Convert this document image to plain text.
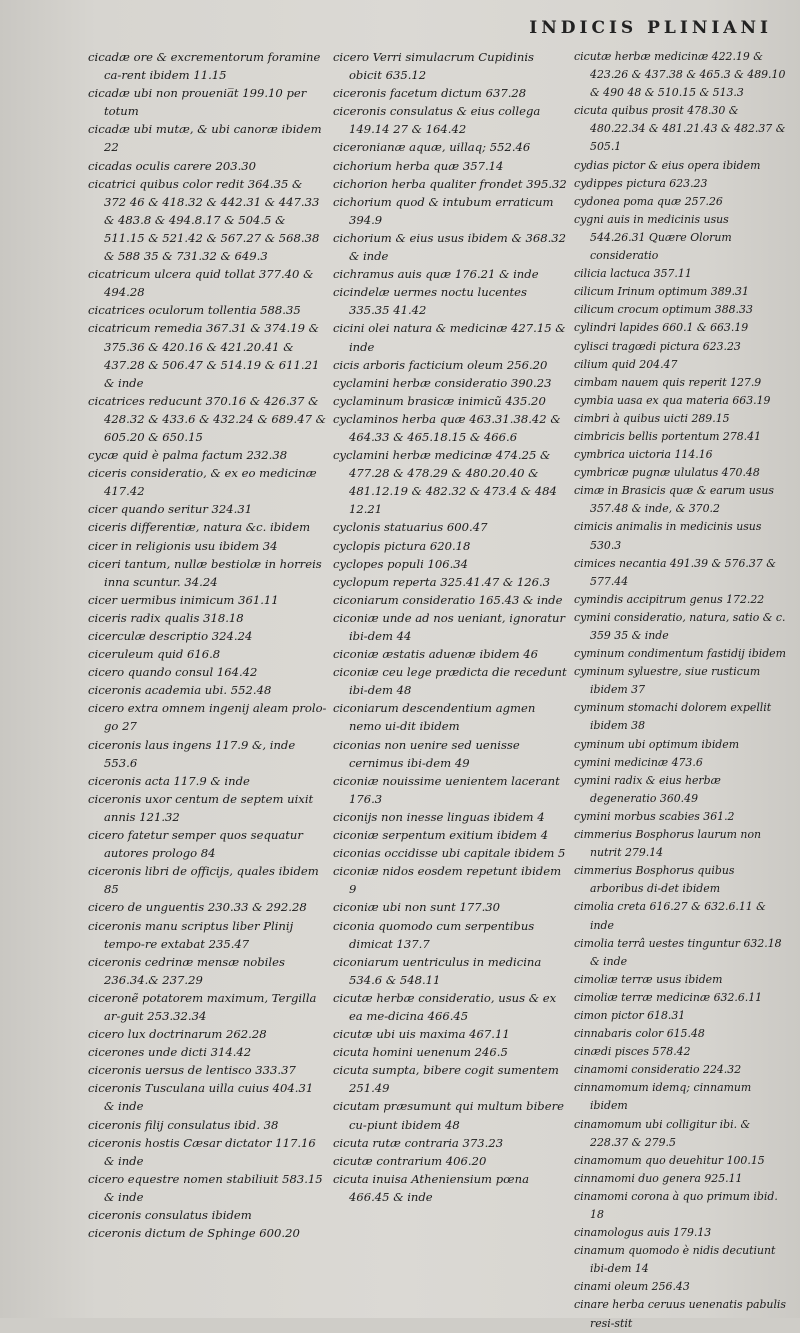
INDICIS PLINIANI

cicadæ ore & excrementorum foramine ca-rent ibidem 11.15

cicadæ ubi non prouenia̅t 199.10 per totum

cicadæ ubi mutæ, & ubi canoræ ibidem 22

cicadas oculis carere 203.30

cicatrici quibus color redit 364.35 & 372 46 & 418.32 & 442.31 & 447.33 & 483.8 & 494.8.17 & 504.5 & 511.15 & 521.42 & 567.27 & 568.38 & 588 35 & 731.32 & 649.3

cicatricum ulcera quid tollat 377.40 & 494.28

cicatrices oculorum tollentia 588.35

cicatricum remedia 367.31 & 374.19 & 375.36 & 420.16 & 421.20.41 & 437.28 & 506.47 & 514.19 & 611.21 & inde

cicatrices reducunt 370.16 & 426.37 & 428.32 & 433.6 & 432.24 & 689.47 & 605.20 & 650.15

cycæ quid è palma factum 232.38

ciceris consideratio, & ex eo medicinæ 417.42

cicer quando seritur 324.31

ciceris differentiæ, natura &c. ibidem

cicer in religionis usu ibidem 34

ciceri tantum, nullæ bestiolæ in horreis inna scuntur. 34.24

cicer uermibus inimicum 361.11

ciceris radix qualis 318.18

cicerculæ descriptio 324.24

ciceruleum quid 616.8

cicero quando consul 164.42

ciceronis academia ubi. 552.48

cicero extra omnem ingenij aleam prolo-go 27

ciceronis laus ingens 117.9 &, inde 553.6

ciceronis acta 117.9 & inde

ciceronis uxor centum de septem uixit annis 121.32

cicero fatetur semper quos sequatur autores prologo 84

ciceronis libri de officijs, quales ibidem 85

cicero de unguentis 230.33 & 292.28

ciceronis manu scriptus liber Plinij tempo-re extabat 235.47

ciceronis cedrinæ mensæ nobiles 236.34.& 237.29

ciceronẽ potatorem maximum, Tergilla ar-guit 253.32.34

cicero lux doctrinarum 262.28

cicerones unde dicti 314.42

ciceronis uersus de lentisco 333.37

ciceronis Tusculana uilla cuius 404.31 & inde

ciceronis filij consulatus ibid. 38

ciceronis hostis Cæsar dictator 117.16 & inde

cicero equestre nomen stabiliuit 583.15 & inde

ciceronis consulatus ibidem

ciceronis dictum de Sphinge 600.20

cicero Verri simulacrum Cupidinis obicit 635.12

ciceronis facetum dictum 637.28

ciceronis consulatus & eius collega 149.14 27 & 164.42

ciceronianæ aquæ, uillaq; 552.46

cichorium herba quæ 357.14

cichorion herba qualiter frondet 395.32

cichorium quod & intubum erraticum 394.9

cichorium & eius usus ibidem & 368.32 & inde

cichramus auis quæ 176.21 & inde

cicindelæ uermes noctu lucentes 335.35 41.42

cicini olei natura & medicinæ 427.15 & inde

cicis arboris facticium oleum 256.20

cyclamini herbæ consideratio 390.23

cyclaminum brasicæ inimicũ 435.20

cyclaminos herba quæ 463.31.38.42 & 464.33 & 465.18.15 & 466.6

cyclamini herbæ medicinæ 474.25 & 477.28 & 478.29 & 480.20.40 & 481.12.19 & 482.32 & 473.4 & 484 12.21

cyclonis statuarius 600.47

cyclopis pictura 620.18

cyclopes populi 106.34

cyclopum reperta 325.41.47 & 126.3

ciconiarum consideratio 165.43 & inde

ciconiæ unde ad nos ueniant, ignoratur ibi-dem 44

ciconiæ æstatis aduenæ ibidem 46

ciconiæ ceu lege prædicta die recedunt ibi-dem 48

ciconiarum descendentium agmen nemo ui-dit ibidem

ciconias non uenire sed uenisse cernimus ibi-dem 49

ciconiæ nouissime uenientem lacerant 176.3

ciconijs non inesse linguas ibidem 4

ciconiæ serpentum exitium ibidem 4

ciconias occidisse ubi capitale ibidem 5

ciconiæ nidos eosdem repetunt ibidem 9

ciconiæ ubi non sunt 177.30

ciconia quomodo cum serpentibus dimicat 137.7

ciconiarum uentriculus in medicina 534.6 & 548.11

cicutæ herbæ consideratio, usus & ex ea me-dicina 466.45

cicutæ ubi uis maxima 467.11

cicuta homini uenenum 246.5

cicuta sumpta, bibere cogit sumentem 251.49

cicutam præsumunt qui multum bibere cu-piunt ibidem 48

cicuta rutæ contraria 373.23

cicutæ contrarium 406.20

cicuta inuisa Atheniensium pœna 466.45 & inde

cicutæ herbæ medicinæ 422.19 & 423.26 & 437.38 & 465.3 & 489.10 & 490 48 & 510.15 & 513.3

cicuta quibus prosit 478.30 & 480.22.34 & 481.21.43 & 482.37 & 505.1

cydias pictor & eius opera ibidem

cydippes pictura 623.23

cydonea poma quæ 257.26

cygni auis in medicinis usus 544.26.31 Quære Olorum consideratio

cilicia lactuca 357.11

cilicum Irinum optimum 389.31

cilicum crocum optimum 388.33

cylindri lapides 660.1 & 663.19

cylisci tragœdi pictura 623.23

cilium quid 204.47

cimbam nauem quis reperit 127.9

cymbia uasa ex qua materia 663.19

cimbri à quibus uicti 289.15

cimbricis bellis portentum 278.41

cymbrica uictoria 114.16

cymbricæ pugnæ ululatus 470.48

cimæ in Brasicis quæ & earum usus 357.48 & inde, & 370.2

cimicis animalis in medicinis usus 530.3

cimices necantia 491.39 & 576.37 & 577.44

cymindis accipitrum genus 172.22

cymini consideratio, natura, satio & c. 359 35 & inde

cyminum condimentum fastidij ibidem

cyminum syluestre, siue rusticum ibidem 37

cyminum stomachi dolorem expellit ibidem 38

cyminum ubi optimum ibidem

cymini medicinæ 473.6

cymini radix & eius herbæ degeneratio 360.49

cymini morbus scabies 361.2

cimmerius Bosphorus laurum non nutrit 279.14

cimmerius Bosphorus quibus arboribus di-det ibidem

cimolia creta 616.27 & 632.6.11 & inde

cimolia terrâ uestes tinguntur 632.18 & inde

cimoliæ terræ usus ibidem

cimoliæ terræ medicinæ 632.6.11

cimon pictor 618.31

cinnabaris color 615.48

cinædi pisces 578.42

cinamomi consideratio 224.32

cinnamomum idemq; cinnamum ibidem

cinamomum ubi colligitur ibi. & 228.37 & 279.5

cinamomum quo deuehitur 100.15

cinnamomi duo genera 925.11

cinamomi corona à quo primum ibid. 18

cinamologus auis 179.13

cinamum quomodo è nidis decutiunt ibi-dem 14

cinami oleum 256.43

cinare herba ceruus uenenatis pabulis resi-stit
